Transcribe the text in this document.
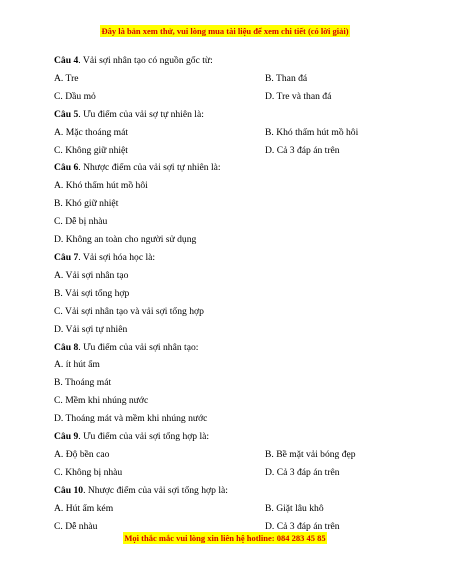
Đây là bản xem thử, vui lòng mua tài liệu để xem chi tiết (có lời giải)

Câu 4. Vải sợi nhân tạo có nguồn gốc từ:

A. Tre	B. Than đá
C. Dầu mỏ	D. Tre và than đá

Câu 5. Ưu điểm của vải sợ tự nhiên là:

A. Mặc thoáng mát	B. Khó thấm hút mồ hôi
C. Không giữ nhiệt	D. Cả 3 đáp án trên

Câu 6. Nhược điểm của vải sợi tự nhiên là:

A. Khó thấm hút mồ hôi
B. Khó giữ nhiệt
C. Dễ bị nhàu
D. Không an toàn cho người sử dụng

Câu 7. Vải sợi hóa học là:

A. Vải sợi nhân tạo
B. Vải sợi tổng hợp
C. Vải sợi nhân tạo và vải sợi tổng hợp
D. Vải sợi tự nhiên

Câu 8. Ưu điểm của vải sợi nhân tạo:

A. ít hút ẩm
B. Thoáng mát
C. Mềm khi nhúng nước
D. Thoáng mát và mềm khi nhúng nước

Câu 9. Ưu điểm của vải sợi tổng hợp là:

A. Độ bền cao	B. Bề mặt vải bóng đẹp
C. Không bị nhàu	D. Cả 3 đáp án trên

Câu 10. Nhược điểm của vải sợi tổng hợp là:

A. Hút ẩm kém	B. Giặt lâu khô
C. Dễ nhàu	D. Cả 3 đáp án trên
Mọi thắc mắc vui lòng xin liên hệ hotline: 084 283 45 85
